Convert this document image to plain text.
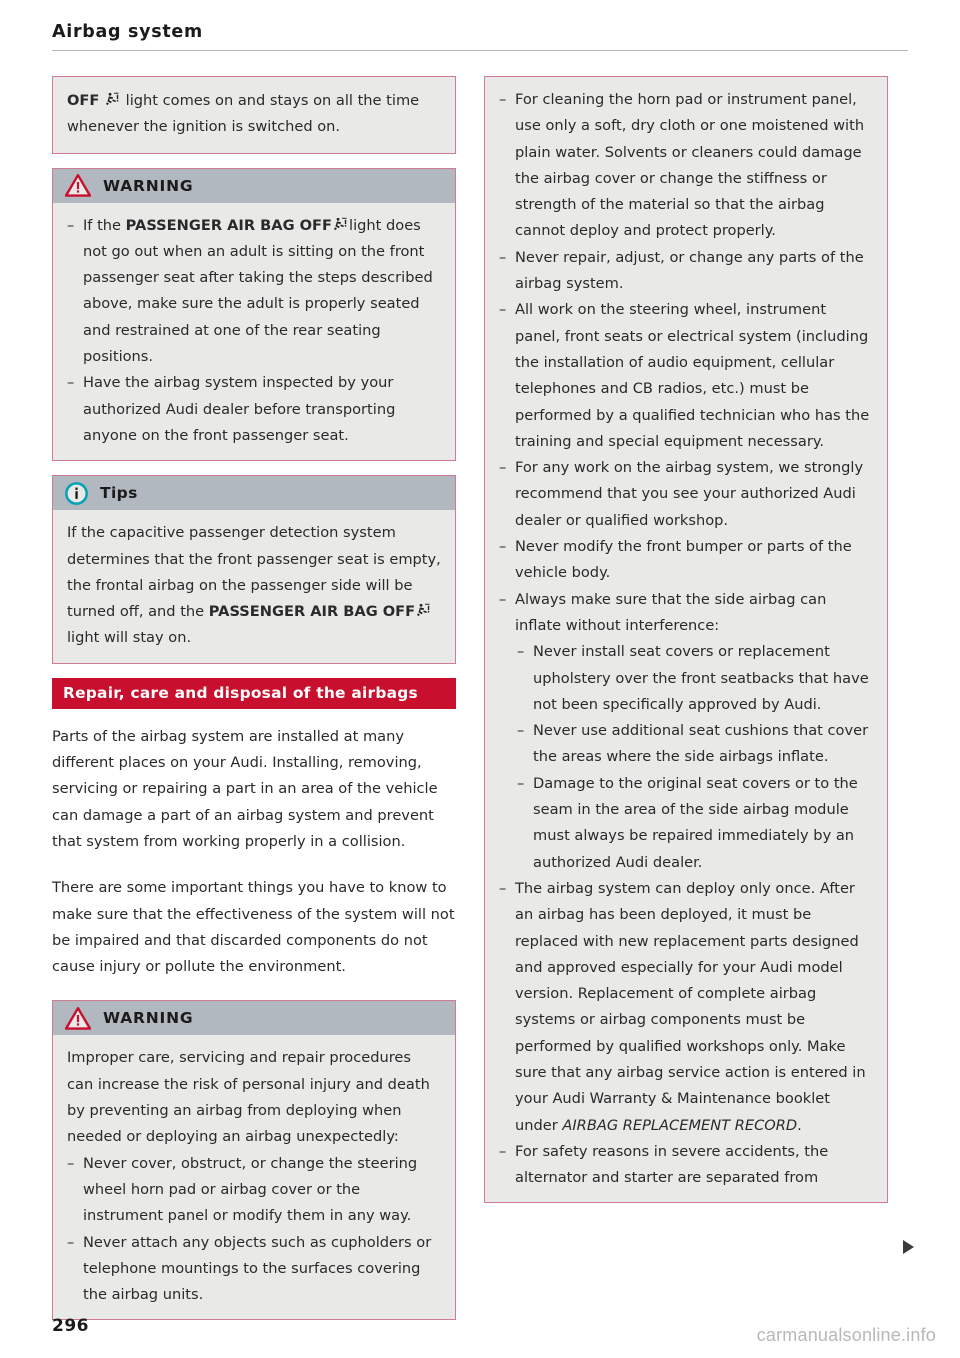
Airbag system
OFF light comes on and stays on all the time whenever the ignition is switched on.
WARNING
– If the PASSENGER AIR BAG OFF light does not go out when an adult is sitting on the front passenger seat after taking the steps described above, make sure the adult is properly seated and restrained at one of the rear seating positions.
– Have the airbag system inspected by your authorized Audi dealer before transporting anyone on the front passenger seat.
Tips
If the capacitive passenger detection system determines that the front passenger seat is empty, the frontal airbag on the passenger side will be turned off, and the PASSENGER AIR BAG OFFlight will stay on.
Repair, care and disposal of the airbags

Parts of the airbag system are installed at many different places on your Audi. Installing, removing, servicing or repairing a part in an area of the vehicle can damage a part of an airbag system and prevent that system from working properly in a collision.

There are some important things you have to know to make sure that the effectiveness of the system will not be impaired and that discarded components do not cause injury or pollute the environment.

WARNING
Improper care, servicing and repair procedures can increase the risk of personal injury and death by preventing an airbag from deploying when needed or deploying an airbag unexpectedly:
– Never cover, obstruct, or change the steering wheel horn pad or airbag cover or the instrument panel or modify them in any way.
– Never attach any objects such as cupholders or telephone mountings to the surfaces covering the airbag units.
– For cleaning the horn pad or instrument panel, use only a soft, dry cloth or one moistened with plain water. Solvents or cleaners could damage the airbag cover or change the stiffness or strength of the material so that the airbag cannot deploy and protect properly.
– Never repair, adjust, or change any parts of the airbag system.
– All work on the steering wheel, instrument panel, front seats or electrical system (including the installation of audio equipment, cellular telephones and CB radios, etc.) must be performed by a qualified technician who has the training and special equipment necessary.
– For any work on the airbag system, we strongly recommend that you see your authorized Audi dealer or qualified workshop.
– Never modify the front bumper or parts of the vehicle body.
– Always make sure that the side airbag can inflate without interference:
– Never install seat covers or replacement upholstery over the front seatbacks that have not been specifically approved by Audi.
– Never use additional seat cushions that cover the areas where the side airbags inflate.
– Damage to the original seat covers or to the seam in the area of the side airbag module must always be repaired immediately by an authorized Audi dealer.
– The airbag system can deploy only once. After an airbag has been deployed, it must be replaced with new replacement parts designed and approved especially for your Audi model version. Replacement of complete airbag systems or airbag components must be performed by qualified workshops only. Make sure that any airbag service action is entered in your Audi Warranty & Maintenance booklet under AIRBAG REPLACEMENT RECORD.
– For safety reasons in severe accidents, the alternator and starter are separated from
296	carmanualsonline.info
